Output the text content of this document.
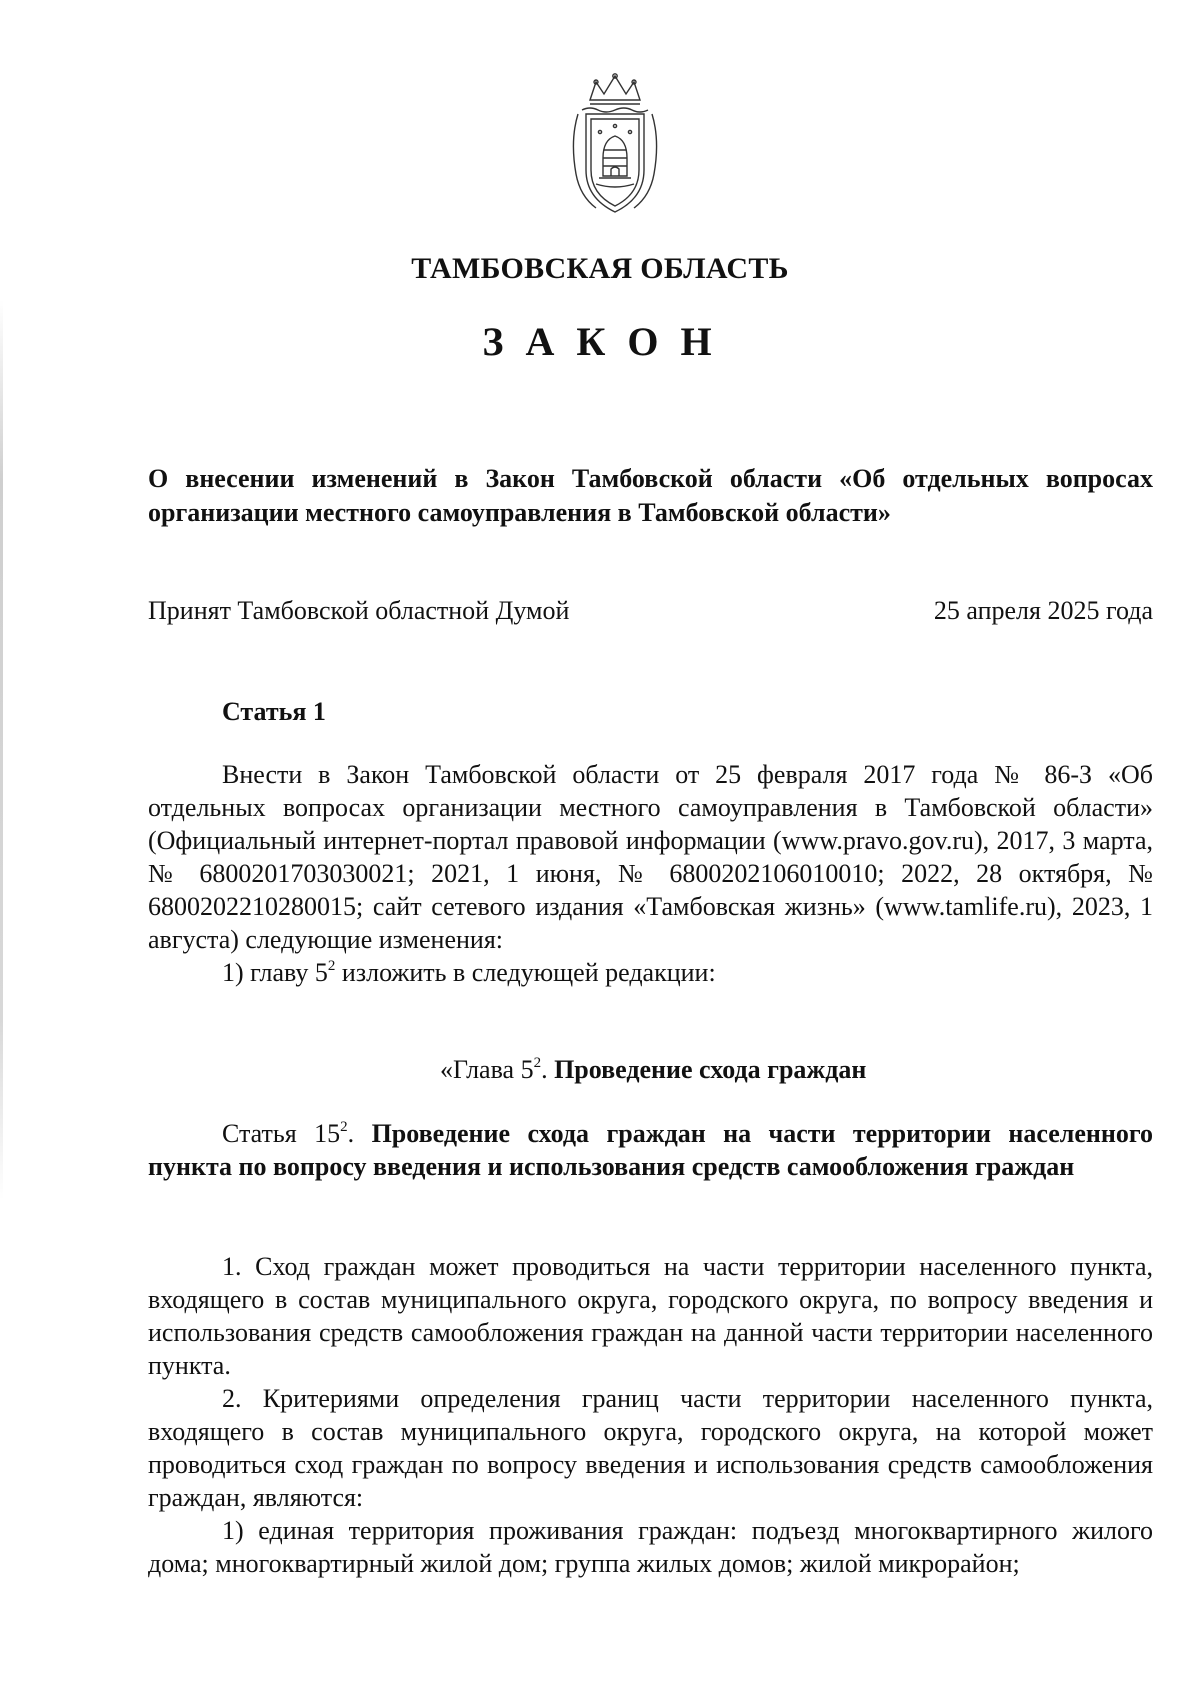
ТАМБОВСКАЯ ОБЛАСТЬ
З А К О Н
О внесении изменений в Закон Тамбовской области «Об отдельных вопросах организации местного самоуправления в Тамбовской области»
Принят Тамбовской областной Думой	25 апреля 2025 года
Статья 1

Внести в Закон Тамбовской области от 25 февраля 2017 года № 86-З «Об отдельных вопросах организации местного самоуправления в Тамбовской области» (Официальный интернет-портал правовой информации (www.pravo.gov.ru), 2017, 3 марта, № 6800201703030021; 2021, 1 июня, № 6800202106010010; 2022, 28 октября, № 6800202210280015; сайт сетевого издания «Тамбовская жизнь» (www.tamlife.ru), 2023, 1 августа) следующие изменения:

1) главу $5^2$ изложить в следующей редакции:

«Глава $5^2$. Проведение схода граждан

Статья $15^2$. Проведение схода граждан на части территории населенного пункта по вопросу введения и использования средств самообложения граждан

1. Сход граждан может проводиться на части территории населенного пункта, входящего в состав муниципального округа, городского округа, по вопросу введения и использования средств самообложения граждан на данной части территории населенного пункта.

2. Критериями определения границ части территории населенного пункта, входящего в состав муниципального округа, городского округа, на которой может проводиться сход граждан по вопросу введения и использования средств самообложения граждан, являются:

1) единая территория проживания граждан: подъезд многоквартирного жилого дома; многоквартирный жилой дом; группа жилых домов; жилой микрорайон;
